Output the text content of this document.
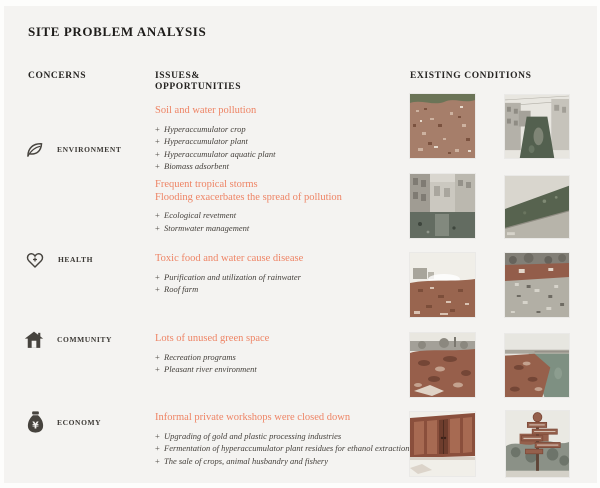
SITE PROBLEM ANALYSIS
CONCERNS	ISSUES&
OPPORTUNITIES
EXISTING CONDITIONS
ENVIRONMENT
HEALTH
COMMUNITY
¥ ECONOMY
Soil and water pollution
+ Hyperaccumulator crop
+ Hyperaccumulator plant
+ Hyperaccumulator aquatic plant
+ Biomass adsorbent
Frequent tropical storms
Flooding exacerbates the spread of pollution
+ Ecological revetment
+ Stormwater management
Toxic food and water cause disease
+ Purification and utilization of rainwater
+ Roof farm
Lots of unused green space
+ Recreation programs
+ Pleasant river environment
Informal private workshops were closed down
+ Upgrading of gold and plastic processing industries
+ Fermentation of hyperaccumulator plant residues for ethanol extraction
+ The sale of crops, animal husbandry and fishery
